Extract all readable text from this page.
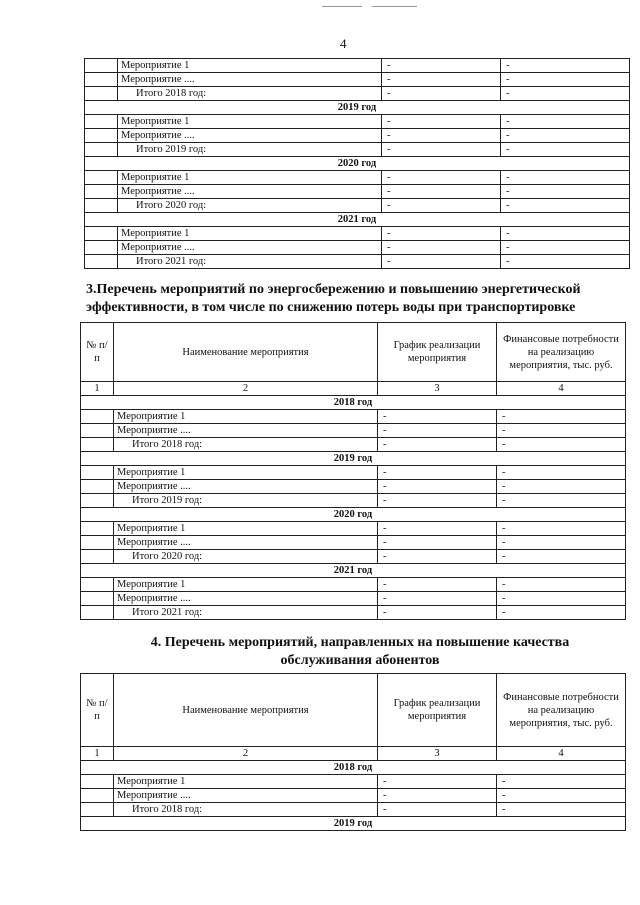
4
	Мероприятие 1	-	-
	Мероприятие ....	-	-
	Итого 2018 год:	-	-
2019 год			
	Мероприятие 1	-	-
	Мероприятие ....	-	-
	Итого 2019 год:	-	-
2020 год			
	Мероприятие 1	-	-
	Мероприятие ....	-	-
	Итого 2020 год:	-	-
2021 год			
	Мероприятие 1	-	-
	Мероприятие ....	-	-
	Итого 2021 год:	-	-
3.Перечень мероприятий по энергосбережению и повышению энергетической
эффективности, в том числе по снижению потерь воды при транспортировке
№ п/п	Наименование мероприятия	График реализации мероприятия	Финансовые потребности на реализацию мероприятия, тыс. руб.
1	2	3	4
2018 год			
	Мероприятие 1	-	-
	Мероприятие ....	-	-
	Итого 2018 год:	-	-
2019 год			
	Мероприятие 1	-	-
	Мероприятие ....	-	-
	Итого 2019 год:	-	-
2020 год			
	Мероприятие 1	-	-
	Мероприятие ....	-	-
	Итого 2020 год:	-	-
2021 год			
	Мероприятие 1	-	-
	Мероприятие ....	-	-
	Итого 2021 год:	-	-
4. Перечень мероприятий, направленных на повышение качества
обслуживания абонентов
№ п/п	Наименование мероприятия	График реализации мероприятия	Финансовые потребности на реализацию мероприятия, тыс. руб.
1	2	3	4
2018 год			
	Мероприятие 1	-	-
	Мероприятие ....	-	-
	Итого 2018 год:	-	-
2019 год			
